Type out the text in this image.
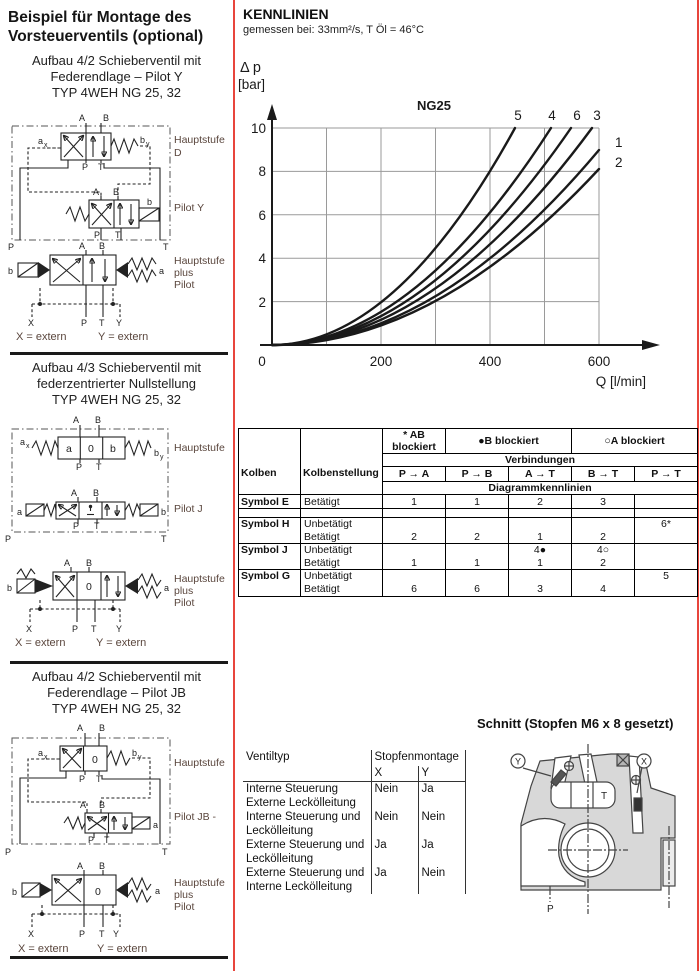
Beispiel für Montage des
Vorsteuerventils (optional)
Aufbau 4/2 Schieberventil mit
Federendlage – Pilot Y
TYP 4WEH NG 25, 32
P	T
A B
b y
a x
P T
A B
b
P T
A B
b	a
X	P T Y
Hauptstufe
D
Pilot Y
Hauptstufe
plus
Pilot
X = extern	Y = extern
Aufbau 4/3 Schieberventil mit
federzentrierter Nullstellung
TYP 4WEH NG 25, 32
P	T
A B
a 0 b
a x
b y
P T
A B
a	b
P T
A B
0
b	a
X	P T Y
Hauptstufe
Pilot J
Hauptstufe
plus
Pilot
X = extern	Y = extern
Aufbau 4/2 Schieberventil mit
Federendlage – Pilot JB
TYP 4WEH NG 25, 32
P	T
A B
0
b y
a x
P T
A B
a
P T
A B
0
b	a
X	P T Y
Hauptstufe
Pilot JB -
Hauptstufe
plus
Pilot
X = extern	Y = extern
KENNLINIEN
gemessen bei: 33mm²/s, T Öl = 46°C
Δ p
[bar]
NG25
10
8
6
4
2
0	200	400	600
Q [l/min]
5 4 6 3
1
2
Kolben	Kolbenstellung	* AB blockiert	●B blockiert		○A blockiert	
		Verbindungen				
		P → A	P → B	A → T	B → T	P → T
		Diagrammkennlinien				
Symbol E	Betätigt	1	1	2	3	

Symbol H	Unbetätigt					6*
	Betätigt	2	2	1	2	
Symbol J	Unbetätigt			4●	4○	
	Betätigt	1	1	1	2	
Symbol G	Unbetätigt					5
	Betätigt	6	6	3	4	
Schnitt (Stopfen M6 x 8 gesetzt)
Ventiltyp	Stopfenmontage	
	X	Y

Interne Steuerung
Externe Leckölleitung	Nein	Ja

Interne Steuerung und
Leckölleitung	Nein	Nein

Externe Steuerung und
Leckölleitung	Ja	Ja

Externe Steuerung und
Interne Leckölleitung	Ja	Nein
Y	X
T
P
